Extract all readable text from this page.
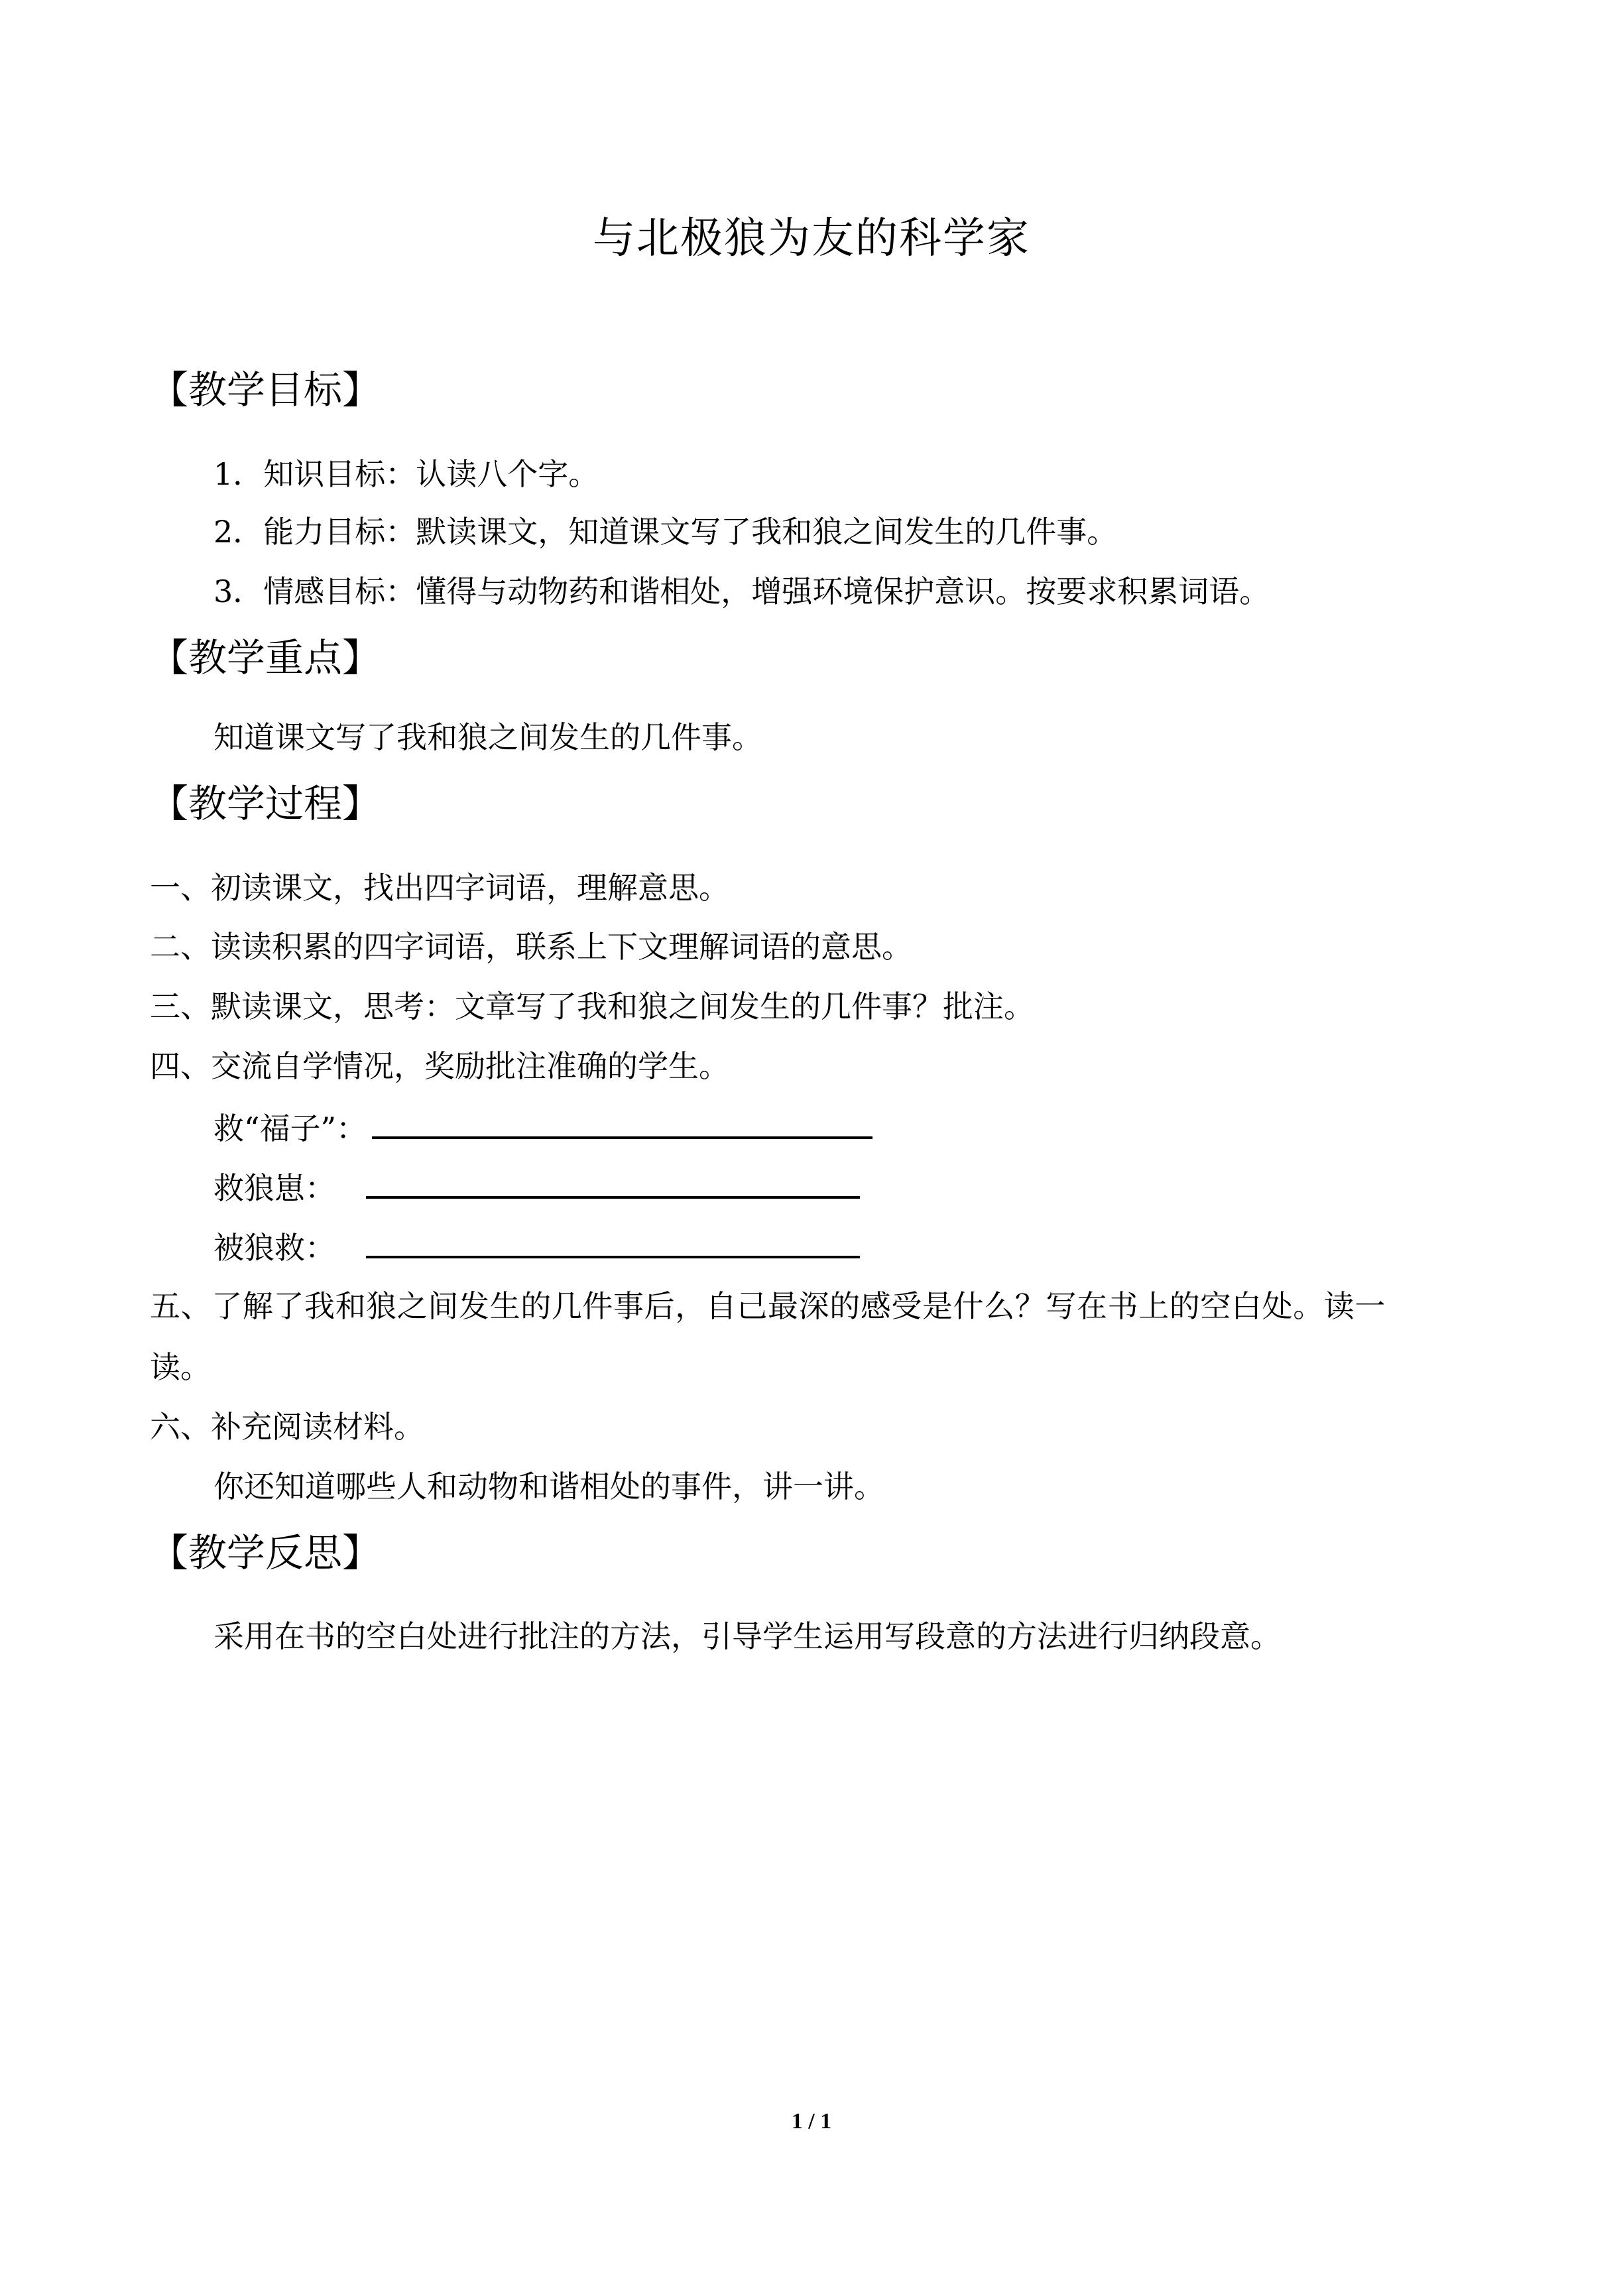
与北极狼为友的科学家
【教学目标】
1．知识目标：认读八个字。
2．能力目标：默读课文，知道课文写了我和狼之间发生的几件事。
3．情感目标：懂得与动物药和谐相处，增强环境保护意识。按要求积累词语。
【教学重点】
知道课文写了我和狼之间发生的几件事。
【教学过程】
一、初读课文，找出四字词语，理解意思。
二、读读积累的四字词语，联系上下文理解词语的意思。
三、默读课文，思考：文章写了我和狼之间发生的几件事？批注。
四、交流自学情况，奖励批注准确的学生。
救“福子”：
救狼崽：
被狼救：
五、了解了我和狼之间发生的几件事后，自己最深的感受是什么？写在书上的空白处。读一
读。
六、补充阅读材料。
你还知道哪些人和动物和谐相处的事件，讲一讲。
【教学反思】
采用在书的空白处进行批注的方法，引导学生运用写段意的方法进行归纳段意。
1 / 1
